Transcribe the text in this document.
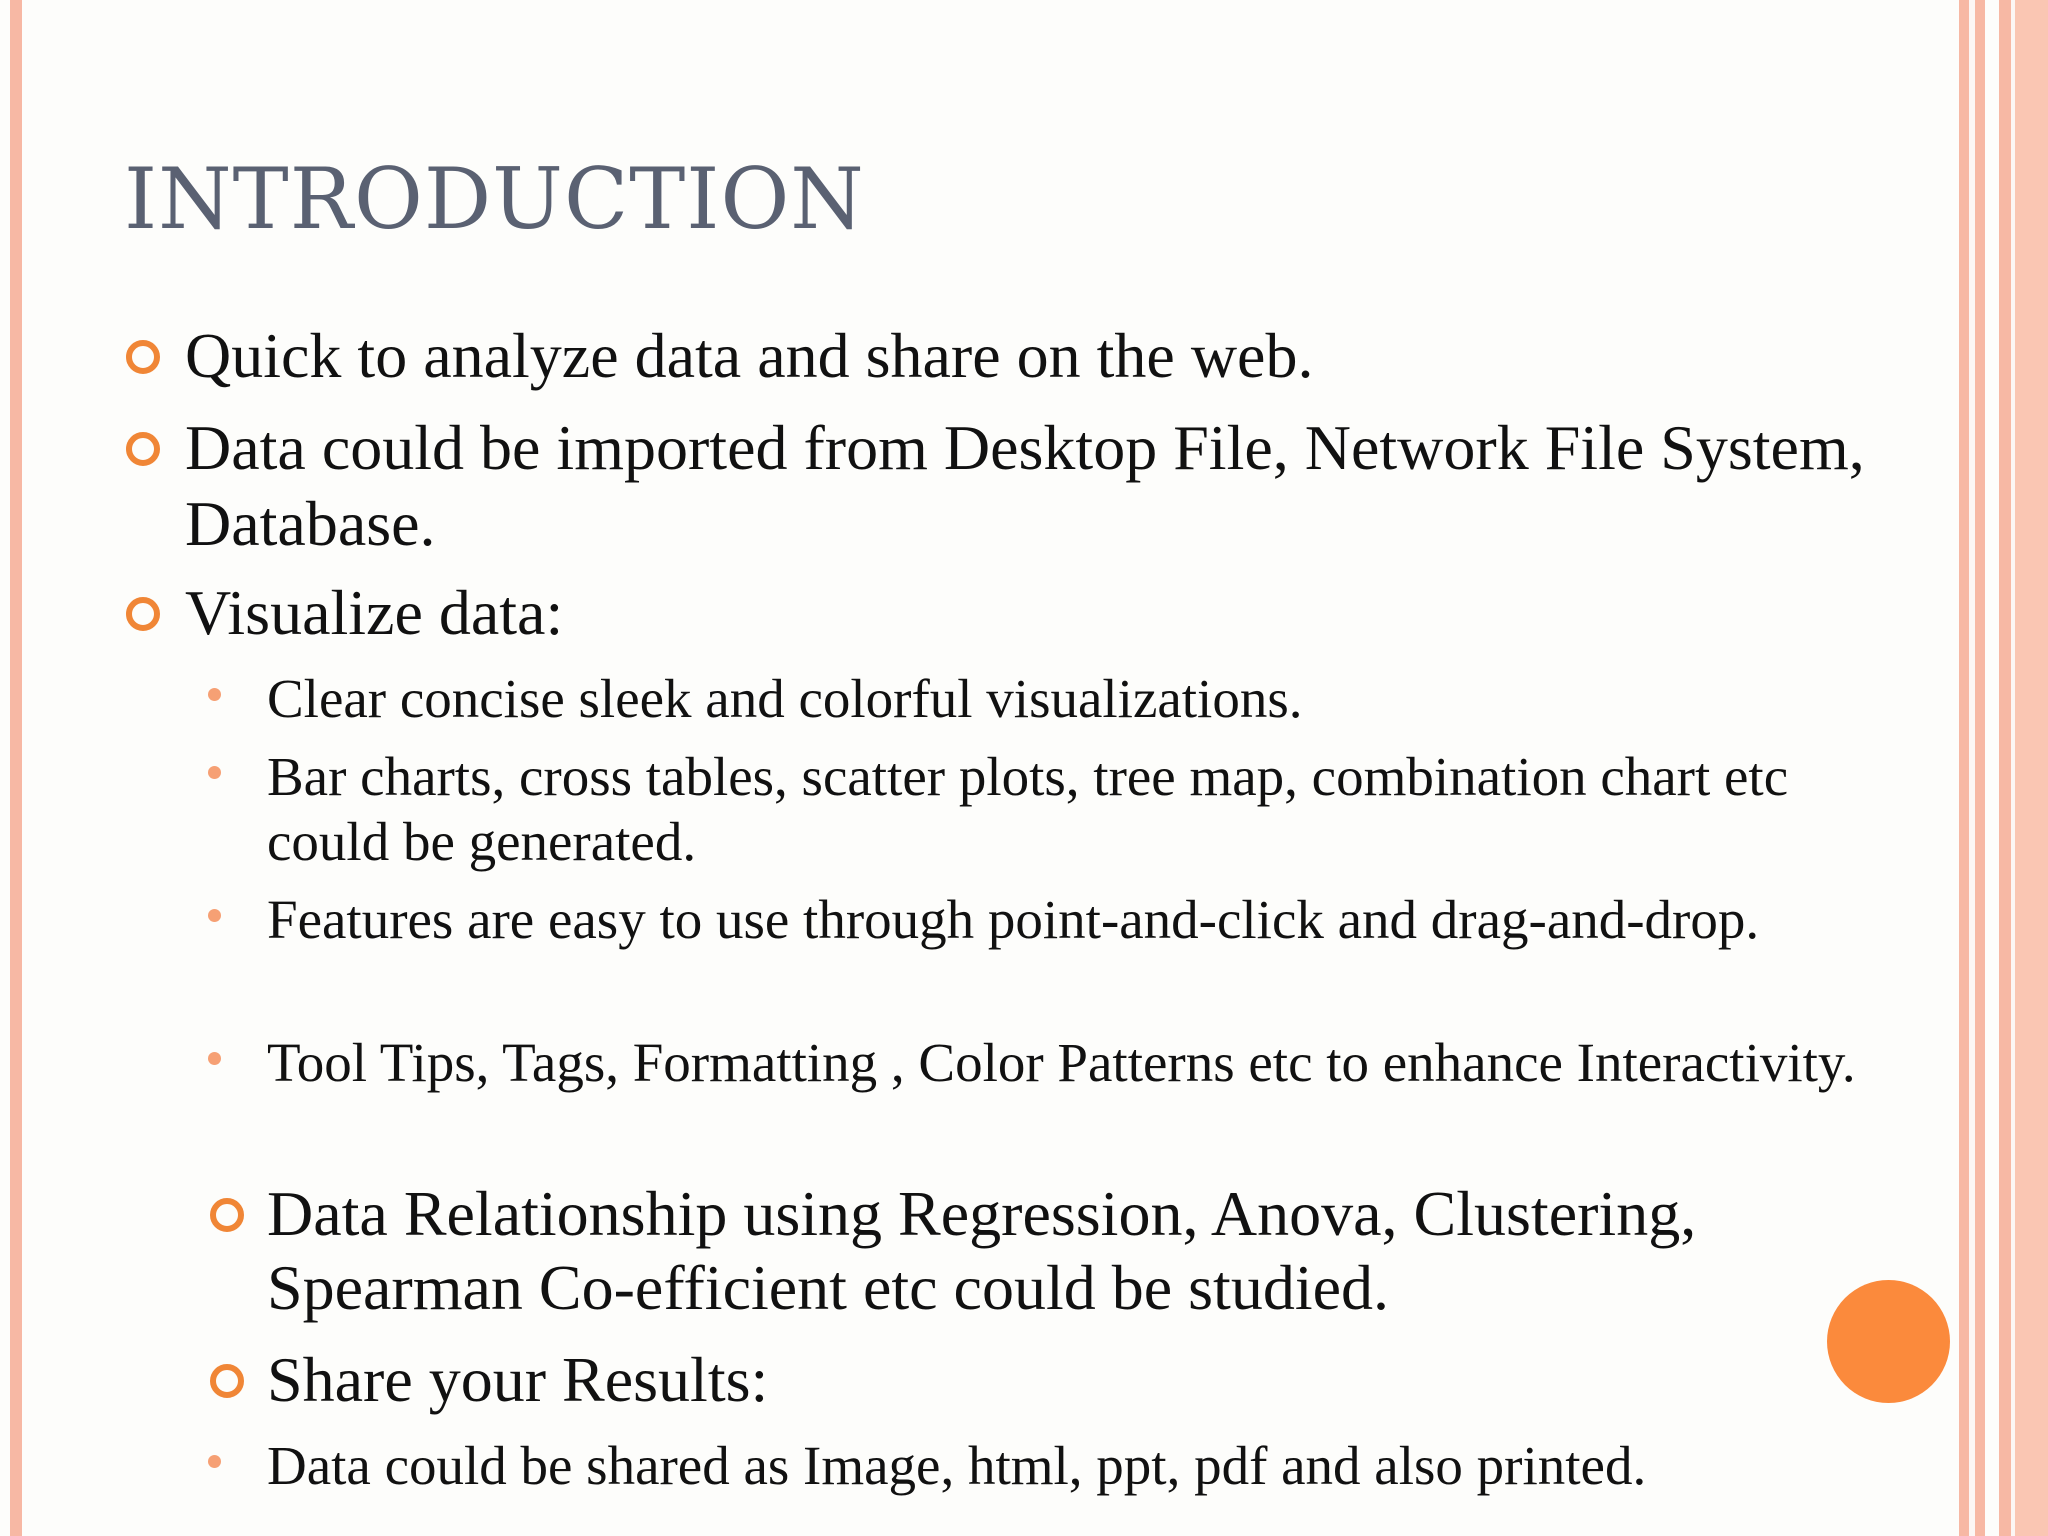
INTRODUCTION
Quick to analyze data and share on the web.
Data could be imported from Desktop File, Network File System, Database.
Visualize data:
Clear concise sleek and colorful visualizations.
Bar charts, cross tables, scatter plots, tree map, combination chart etc could be generated.
Features are easy to use through point-and-click and drag-and-drop.
Tool Tips, Tags, Formatting , Color Patterns etc to enhance Interactivity.
Data Relationship using Regression, Anova, Clustering, Spearman Co-efficient etc could be studied.
Share your Results:
Data could be shared as Image, html, ppt, pdf and also printed.
